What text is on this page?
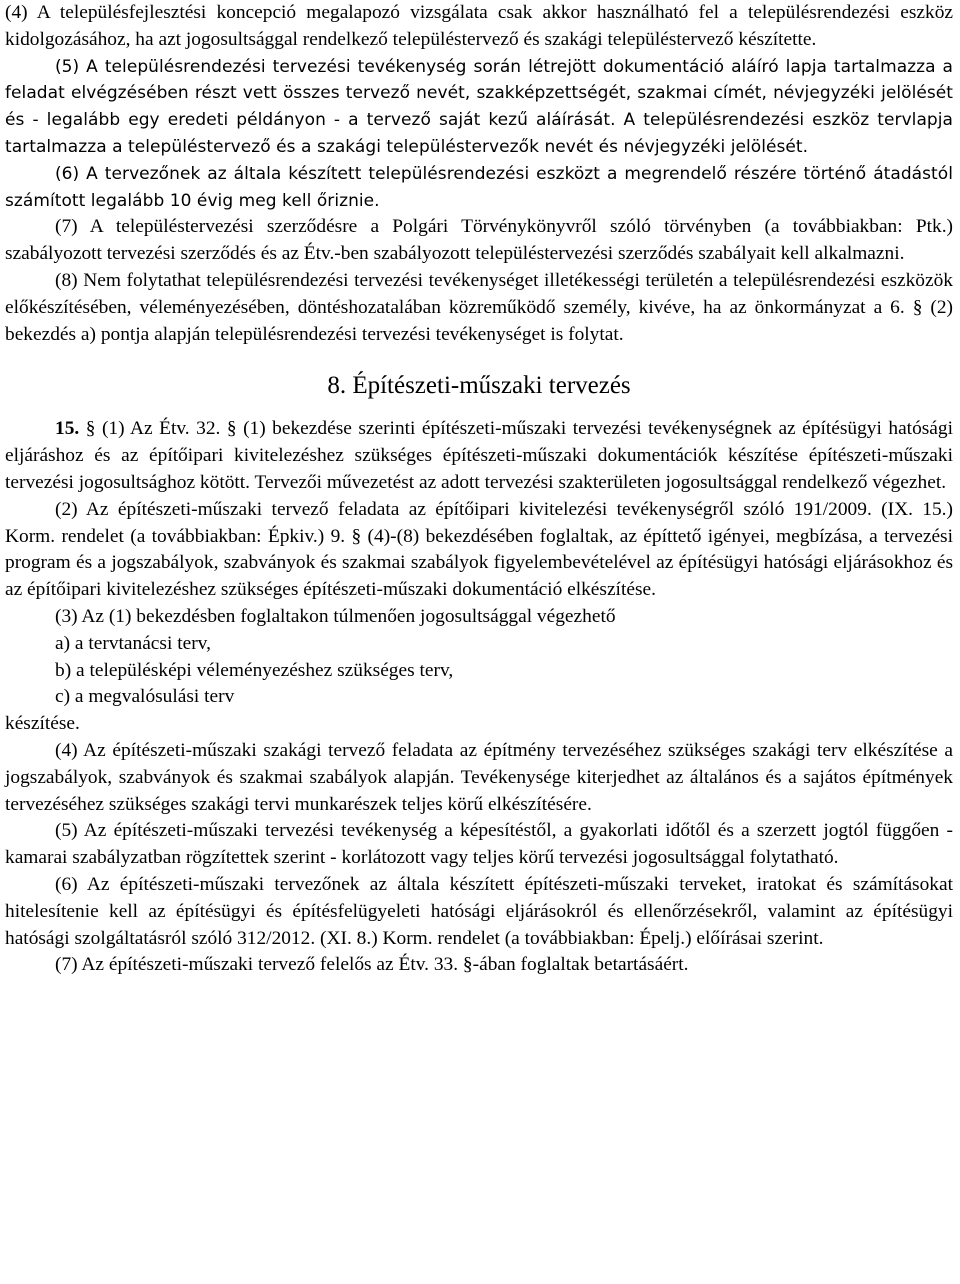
(4) A településfejlesztési koncepció megalapozó vizsgálata csak akkor használható fel a településrendezési eszköz kidolgozásához, ha azt jogosultsággal rendelkező településtervező és szakági településtervező készítette.

(5) A településrendezési tervezési tevékenység során létrejött dokumentáció aláíró lapja tartalmazza a feladat elvégzésében részt vett összes tervező nevét, szakképzettségét, szakmai címét, névjegyzéki jelölését és - legalább egy eredeti példányon - a tervező saját kezű aláírását. A településrendezési eszköz tervlapja tartalmazza a településtervező és a szakági településtervezők nevét és névjegyzéki jelölését.

(6) A tervezőnek az általa készített településrendezési eszközt a megrendelő részére történő átadástól számított legalább 10 évig meg kell őriznie.

(7) A településtervezési szerződésre a Polgári Törvénykönyvről szóló törvényben (a továbbiakban: Ptk.) szabályozott tervezési szerződés és az Étv.-ben szabályozott településtervezési szerződés szabályait kell alkalmazni.

(8) Nem folytathat településrendezési tervezési tevékenységet illetékességi területén a településrendezési eszközök előkészítésében, véleményezésében, döntéshozatalában közreműködő személy, kivéve, ha az önkormányzat a 6. § (2) bekezdés a) pontja alapján településrendezési tervezési tevékenységet is folytat.

8. Építészeti-műszaki tervezés

15. § (1) Az Étv. 32. § (1) bekezdése szerinti építészeti-műszaki tervezési tevékenységnek az építésügyi hatósági eljáráshoz és az építőipari kivitelezéshez szükséges építészeti-műszaki dokumentációk készítése építészeti-műszaki tervezési jogosultsághoz kötött. Tervezői művezetést az adott tervezési szakterületen jogosultsággal rendelkező végezhet.

(2) Az építészeti-műszaki tervező feladata az építőipari kivitelezési tevékenységről szóló 191/2009. (IX. 15.) Korm. rendelet (a továbbiakban: Épkiv.) 9. § (4)-(8) bekezdésében foglaltak, az építtető igényei, megbízása, a tervezési program és a jogszabályok, szabványok és szakmai szabályok figyelembevételével az építésügyi hatósági eljárásokhoz és az építőipari kivitelezéshez szükséges építészeti-műszaki dokumentáció elkészítése.

(3) Az (1) bekezdésben foglaltakon túlmenően jogosultsággal végezhető

a) a tervtanácsi terv,

b) a településképi véleményezéshez szükséges terv,

c) a megvalósulási terv

készítése.

(4) Az építészeti-műszaki szakági tervező feladata az építmény tervezéséhez szükséges szakági terv elkészítése a jogszabályok, szabványok és szakmai szabályok alapján. Tevékenysége kiterjedhet az általános és a sajátos építmények tervezéséhez szükséges szakági tervi munkarészek teljes körű elkészítésére.

(5) Az építészeti-műszaki tervezési tevékenység a képesítéstől, a gyakorlati időtől és a szerzett jogtól függően - kamarai szabályzatban rögzítettek szerint - korlátozott vagy teljes körű tervezési jogosultsággal folytatható.

(6) Az építészeti-műszaki tervezőnek az általa készített építészeti-műszaki terveket, iratokat és számításokat hitelesítenie kell az építésügyi és építésfelügyeleti hatósági eljárásokról és ellenőrzésekről, valamint az építésügyi hatósági szolgáltatásról szóló 312/2012. (XI. 8.) Korm. rendelet (a továbbiakban: Épelj.) előírásai szerint.

(7) Az építészeti-műszaki tervező felelős az Étv. 33. §-ában foglaltak betartásáért.
